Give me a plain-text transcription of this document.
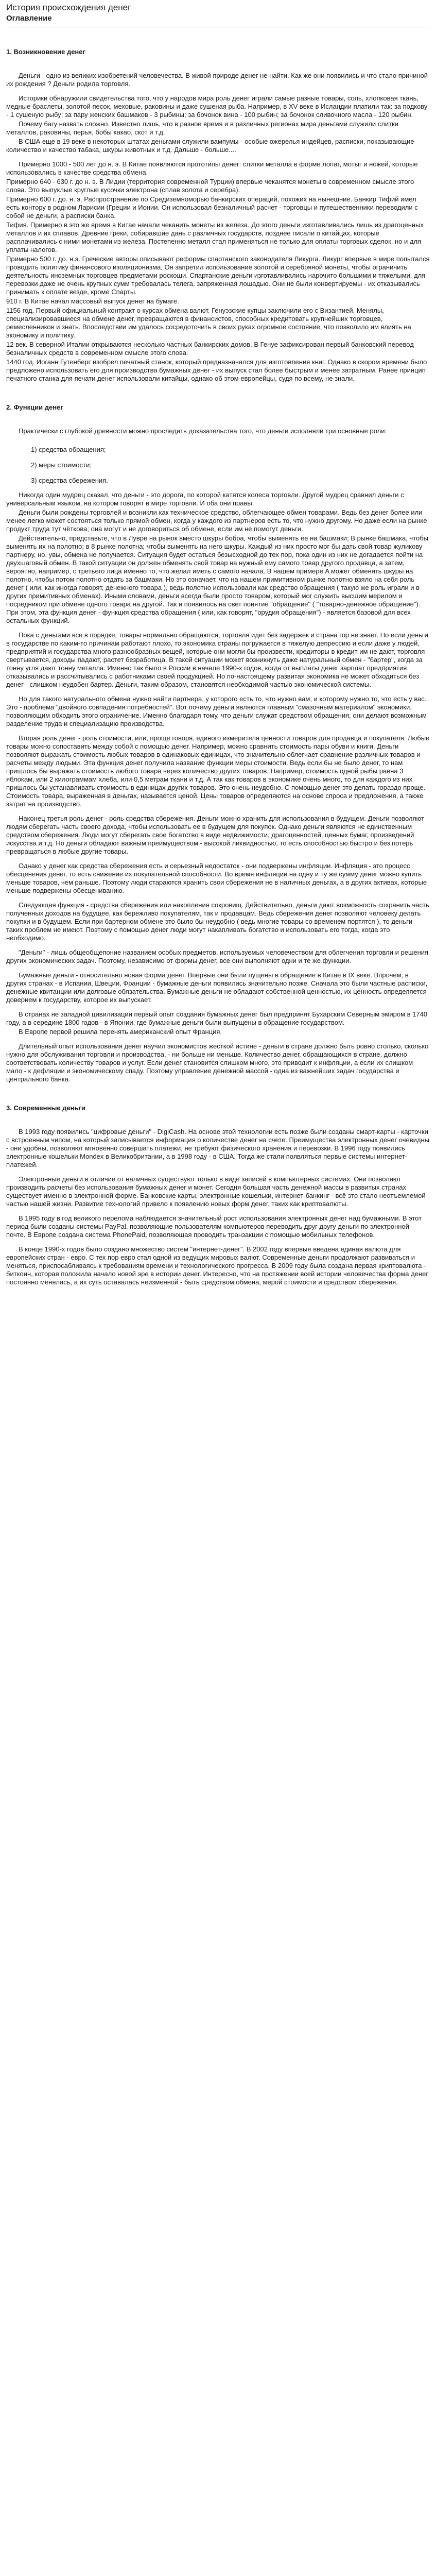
История происхождения денег
Оглавление
1. Возникновение денег
Деньги - одно из великих изобретений человечества. В живой природе денег не найти. Как же они появились и что стало причиной их рождения ? Деньги родила торговля.
Историки обнаружили свидетельства того, что у народов мира роль денег играли самые разные товары, соль, хлопковая ткань, медные браслеты, золотой песок, меховые, раковины и даже сушеная рыба. Например, в XV веке в Исландии платили так: за подкову - 1 сушеную рыбу; за пару женских башмаков - 3 рыбины; за бочонок вина - 100 рыбин; за бочонок сливочного масла - 120 рыбин.
Почему багу назвать сложно. Известно лишь, что в разное время и в различных регионах мира деньгами служили слитки металлов, раковины, перья, бобы какао, скот и т.д.
В США еще в 19 веке в некоторых штатах деньгами служили вампумы - особые ожерелья индейцев, расписки, показывающие количество и качество табака, шкуры животных и т.д. Дальше - больше....
Примерно 1000 - 500 лет до н. э. В Китае появляются прототипы денег: слитки металла в форме лопат, мотыг и ножей, которые использовались в качестве средства обмена.
Примерно 640 - 630 г. до н. э. В Лидии (территория современной Турции) впервые чеканятся монеты в современном смысле этого слова. Это выпуклые круглые кусочки электрона (сплав золота и серебра).
Примерно 600 г. до. н. э. Распространение по Средиземноморью банкирских операций, похожих на нынешние. Банкир Тифий имел есть контору в родном Ларисии (Греции и Ионии. Он использовал безналичный расчет - торговцы и путешественники переводили с собой не деньги, а расписки банка.
Тифия. Примерно в это же время в Китае начали чеканить монеты из железа. До этого деньги изготавливались лишь из драгоценных металлов и их сплавов. Древние греки, собиравшие дань с различных государств, позднее писали о китайцах, которые расплачивались с ними монетами из железа. Постепенно металл стал применяться не только для оплаты торговых сделок, но и для уплаты налогов.
Примерно 500 г. до. н.э. Греческие авторы описывают реформы спартанского законодателя Ликурга. Ликург впервые в мире попытался проводить политику финансового изоляционизма. Он запретил использование золотой и серебряной монеты, чтобы ограничить деятельность иноземных торговцев предметами роскоши. Спартанские деньги изготавливались нарочито большими и тяжелыми, для перевозки даже не очень крупных сумм требовалась телега, запряженная лошадью. Они не были конвертируемы - их отказывались принимать к оплате вездe, кроме Спарты.
910 г. В Китае начал массовый выпуск денег на бумаге.
1156 год. Первый официальный контракт о курсах обмена валют. Генуэзские купцы заключили его с Византией. Менялы, специализировавшиеся на обмене денег, превращаются в финансистов, способных кредитовать крупнейших торговцев, ремесленников и знать. Впоследствии им удалось сосредоточить в своих руках огромное состояние, что позволило им влиять на экономику и политику.
12 век. В северной Италии открываются несколько частных банкирских домов. В Генуе зафиксирован первый банковский перевод безналичных средств в современном смысле этого слова.
1440 год. Иоганн Гутенберг изобрел печатный станок, который предназначался для изготовления книг. Однако в скором времени было предложено использовать его для производства бумажных денег - их выпуск стал более быстрым и менее затратным. Ранее принцип печатного станка для печати денег использовали китайцы, однако об этом европейцы, судя по всему, не знали.
2. Функции денег
Практически с глубокой древности можно проследить доказательства того, что деньги исполняли три основные роли:
1) средства обращения;
2) меры стоимости;
3) средства сбережения.
Никогда один мудрец сказал, что деньги - это дорога, по которой катятся колеса торговли. Другой мудрец сравнил деньги с универсальным языком, на котором говорят в мире торговли. И оба они правы.
Деньги были рождены торговлей и возникли как техническое средство, облегчающее обмен товарами. Ведь без денег более или менее легко может состояться только прямой обмен, когда у каждого из партнеров есть то, что нужно другому. Но даже если на рынке продукт труда тут чёткова; она могут и не договориться об обмене, если им не помогут деньги.
Действительно, представьте, что в Лувре на рынок вместо шкуры бобра, чтобы выменять ее на башмаки; В рынке башмака, чтобы выменять их на полотно; в 8 рынке полотна; чтобы выменять на него шкуры. Каждый из них просто мог бы дать свой товар жуликову партнеру, но, увы, обмена не получается. Ситуация будет остаться безысходной до тех пор, пока один из них не догадается пойти на двухшаговый обмен. В такой ситуации он должен обменять свой товар на нужный ему самого товар другого продавца, а затем, вероятно, например, с третьего лица именно то, что желал иметь с самого начала. В нашем примере A может обменять шкуры на полотно, чтобы потом полотно отдать за башмаки. Но это означает, что на нашем примитивном рынке полотно взяло на себя роль денег ( или, как иногда говорят, денежного товара ), ведь полотно использовали как средство обращения ( такую же роль играли и в других примитивных обменах). Иными словами, деньги всегда были просто товаром, который мог служить высшим мерилом и посредником при обмене одного товара на другой. Так и появилось на свет понятие "обращение" ( "товарно-денежное обращение"). При этом, эта функция денег - функция средства обращения ( или, как говорят, "орудия обращения") - является базовой для всех остальных функций.
Пока с деньгами все в порядке, товары нормально обращаются, торговля идет без задержек и страна гор не знает. Но если деньги в государстве по каким-то причинам работают плохо, то экономика страны погружается в тяжелую депрессию и если даже у людей, предприятий и государства много разнообразных вещей, которые они могли бы произвести, кредиторы в кредит им не дают, торговля свертывается, доходы падают, растет безработица. В такой ситуации может возникнуть даже натуральный обмен - "бартер", когда за тонну угля дают тонну металла. Именно так было в России в начале 1990-х годов, когда от выплаты денег зарплат предприятия отказывались и рассчитывались с работниками своей продукцией. Но по-настоящему развитая экономика не может обходиться без денег - слишком неудобен бартер. Деньги, таким образом, становятся необходимой частью экономической системы.
Но для такого натурального обмена нужно найти партнера, у которого есть то, что нужно вам, и которому нужно то, что есть у вас. Это - проблема "двойного совпадения потребностей". Вот почему деньги являются главным "смазочным материалом" экономики, позволяющим обходить этого ограничение. Именно благодаря тому, что деньги служат средством обращения, они делают возможным разделение труда и специализацию производства.
Вторая роль денег - роль стоимости, или, проще говоря, единого измерителя ценности товаров для продавца и покупателя. Любые товары можно сопоставить между собой с помощью денег. Например, можно сравнить стоимость пары обуви и книги. Деньги позволяют выражать стоимость любых товаров в одинаковых единицах, что значительно облегчает сравнение различных товаров и расчеты между людьми. Эта функция денег получила название функции меры стоимости. Ведь если бы не было денег, то нам пришлось бы выражать стоимость любого товара через количество других товаров. Например, стоимость одной рыбы равна 3 яблокам, или 2 килограммам хлеба, или 0,5 метрам ткани и т.д. А так как товаров в экономике очень много, то для каждого из них пришлось бы устанавливать стоимость в единицах других товаров. Это очень неудобно. С помощью денег это делать гораздо проще. Стоимость товара, выраженная в деньгах, называется ценой. Цены товаров определяются на основе спроса и предложения, а также затрат на производство.
Наконец третья роль денег - роль средства сбережения. Деньги можно хранить для использования в будущем. Деньги позволяют людям сберегать часть своего дохода, чтобы использовать ее в будущем для покупок. Однако деньги являются не единственным средством сбережения. Люди могут сберегать свое богатство в виде недвижимости, драгоценностей, ценных бумаг, произведений искусства и т.д. Но деньги обладают важным преимуществом - высокой ликвидностью, то есть способностью быстро и без потерь превращаться в любые другие товары.
Однако у денег как средства сбережения есть и серьезный недостаток - они подвержены инфляции. Инфляция - это процесс обесценения денег, то есть снижение их покупательной способности. Во время инфляции на одну и ту же сумму денег можно купить меньше товаров, чем раньше. Поэтому люди стараются хранить свои сбережения не в наличных деньгах, а в других активах, которые меньше подвержены обесцениванию.
Следующая функция - средства сбережения или накопления сокровищ. Действительно, деньги дают возможность сохранить часть полученных доходов на будущее, как бережливо покупателям, так и продавцам. Ведь сбережения денег позволяют человеку делать покупки и в будущем. Если при бартерном обмене это было бы неудобно ( ведь многие товары со временем портятся ), то деньги таких проблем не имеют. Поэтому с помощью денег люди могут накапливать богатство и использовать его тогда, когда это необходимо.
"Деньги" - лишь общеобщепоние названием особых предметов, используемых человечеством для облегчения торговли и решения других экономических задач. Поэтому, независимо от формы денег, все они выполняют одни и те же функции.
Бумажные деньги - относительно новая форма денег. Впервые они были пущены в обращение в Китае в IX веке. Впрочем, в других странах - в Испании, Швеции, Франции - бумажные деньги появились значительно позже. Сначала это были частные расписки, денежные квитанции или долговые обязательства. Бумажные деньги не обладают собственной ценностью, их ценность определяется доверием к государству, которое их выпускает.
В странах не западной цивилизации первый опыт создания бумажных денег был предпринят Бухарским Северным эмиром в 1740 году, а в середине 1800 годов - в Японии, где бумажные деньги были выпущены в обращение государством.
В Европе первой решила перенять американский опыт Франция.
Длительный опыт использования денег научил экономистов жесткой истине - деньги в стране должно быть ровно столько, сколько нужно для обслуживания торговли и производства, - ни больше ни меньше. Количество денег, обращающихся в стране, должно соответствовать количеству товаров и услуг. Если денег становится слишком много, это приводит к инфляции, а если их слишком мало - к дефляции и экономическому спаду. Поэтому управление денежной массой - одна из важнейших задач государства и центрального банка.
3. Современные деньги
В 1993 году появились "цифровые деньги" - DigiCash. На основе этой технологии есть позже были созданы смарт-карты - карточки с встроенным чипом, на который записывается информация о количестве денег на счете. Преимущества электронных денег очевидны - они удобны, позволяют мгновенно совершать платежи, не требуют физического хранения и перевозки. В 1996 году появились электронные кошельки Mondex в Великобритании, а в 1998 году - в США. Тогда же стали появляться первые системы интернет-платежей.
Электронные деньги в отличие от наличных существуют только в виде записей в компьютерных системах. Они позволяют производить расчеты без использования бумажных денег и монет. Сегодня большая часть денежной массы в развитых странах существует именно в электронной форме. Банковские карты, электронные кошельки, интернет-банкинг - всё это стало неотъемлемой частью нашей жизни. Развитие технологий привело к появлению новых форм денег, таких как криптовалюты.
В 1995 году в год великого перелома наблюдается значительный рост использования электронных денег над бумажными. В этот период были созданы системы PayPal, позволяющие пользователям компьютеров переводить друг другу деньги по электронной почте. В Европе создана система PhonePaid, позволяющая проводить транзакции с помощью мобильных телефонов.
В конце 1990-х годов было создано множество систем "интернет-денег". В 2002 году впервые введена единая валюта для европейских стран - евро. С тех пор евро стал одной из ведущих мировых валют. Современные деньги продолжают развиваться и меняться, приспосабливаясь к требованиям времени и технологического прогресса. В 2009 году была создана первая криптовалюта - биткоин, которая положила начало новой эре в истории денег. Интересно, что на протяжении всей истории человечества форма денег постоянно менялась, а их суть оставалась неизменной - быть средством обмена, мерой стоимости и средством сбережения.
